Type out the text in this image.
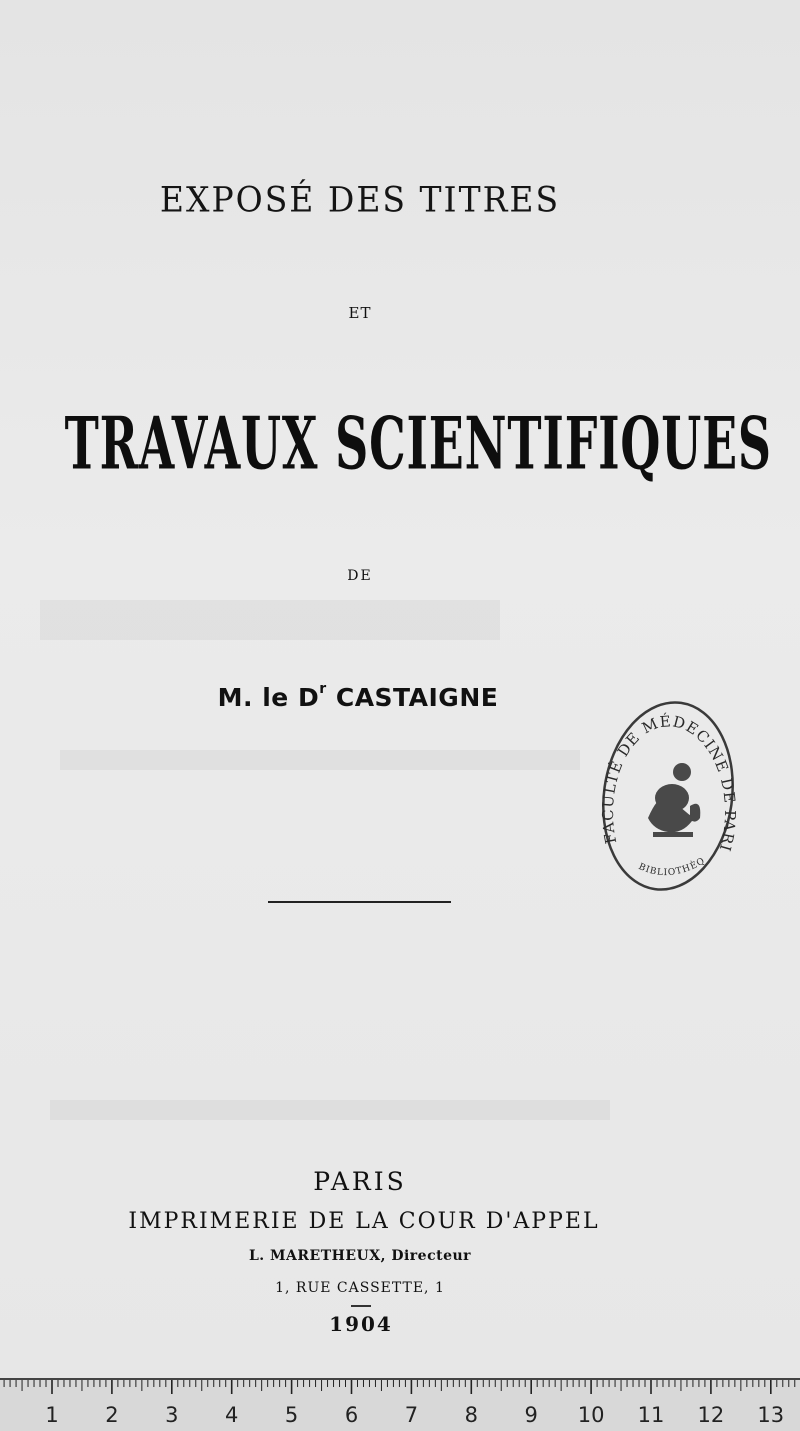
EXPOSÉ DES TITRES
ET
TRAVAUX SCIENTIFIQUES
DE
M. le $D^r$ CASTAIGNE
FACULTÉ DE MÉDECINE D RI
BIBLIOTHÈQ
PARIS
IMPRIMERIE DE LA COUR D'APPEL
L. MARETHEUX, Directeur
1, RUE CASSETTE, 1
1904
1 2 3 4 5 6 7 8 9 10 11 12 13
